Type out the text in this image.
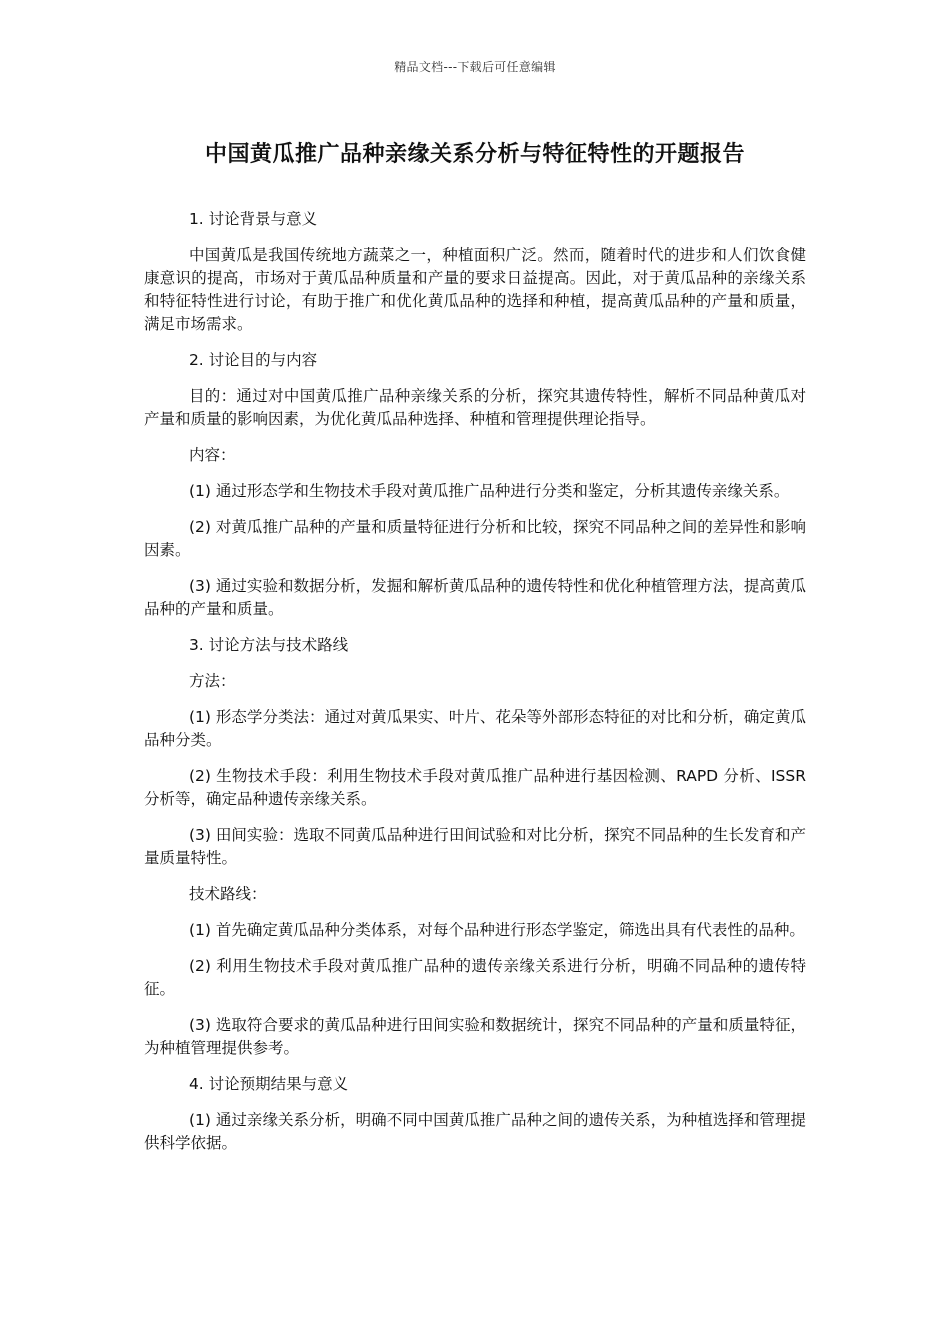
精品文档---下载后可任意编辑
中国黄瓜推广品种亲缘关系分析与特征特性的开题报告

1. 讨论背景与意义

中国黄瓜是我国传统地方蔬菜之一，种植面积广泛。然而，随着时代的进步和人们饮食健康意识的提高，市场对于黄瓜品种质量和产量的要求日益提高。因此，对于黄瓜品种的亲缘关系和特征特性进行讨论，有助于推广和优化黄瓜品种的选择和种植，提高黄瓜品种的产量和质量，满足市场需求。

2. 讨论目的与内容

目的：通过对中国黄瓜推广品种亲缘关系的分析，探究其遗传特性，解析不同品种黄瓜对产量和质量的影响因素，为优化黄瓜品种选择、种植和管理提供理论指导。

内容：

(1) 通过形态学和生物技术手段对黄瓜推广品种进行分类和鉴定，分析其遗传亲缘关系。

(2) 对黄瓜推广品种的产量和质量特征进行分析和比较，探究不同品种之间的差异性和影响因素。

(3) 通过实验和数据分析，发掘和解析黄瓜品种的遗传特性和优化种植管理方法，提高黄瓜品种的产量和质量。

3. 讨论方法与技术路线

方法：

(1) 形态学分类法：通过对黄瓜果实、叶片、花朵等外部形态特征的对比和分析，确定黄瓜品种分类。

(2) 生物技术手段：利用生物技术手段对黄瓜推广品种进行基因检测、RAPD 分析、ISSR 分析等，确定品种遗传亲缘关系。

(3) 田间实验：选取不同黄瓜品种进行田间试验和对比分析，探究不同品种的生长发育和产量质量特性。

技术路线：

(1) 首先确定黄瓜品种分类体系，对每个品种进行形态学鉴定，筛选出具有代表性的品种。

(2) 利用生物技术手段对黄瓜推广品种的遗传亲缘关系进行分析，明确不同品种的遗传特征。

(3) 选取符合要求的黄瓜品种进行田间实验和数据统计，探究不同品种的产量和质量特征，为种植管理提供参考。

4. 讨论预期结果与意义

(1) 通过亲缘关系分析，明确不同中国黄瓜推广品种之间的遗传关系，为种植选择和管理提供科学依据。
